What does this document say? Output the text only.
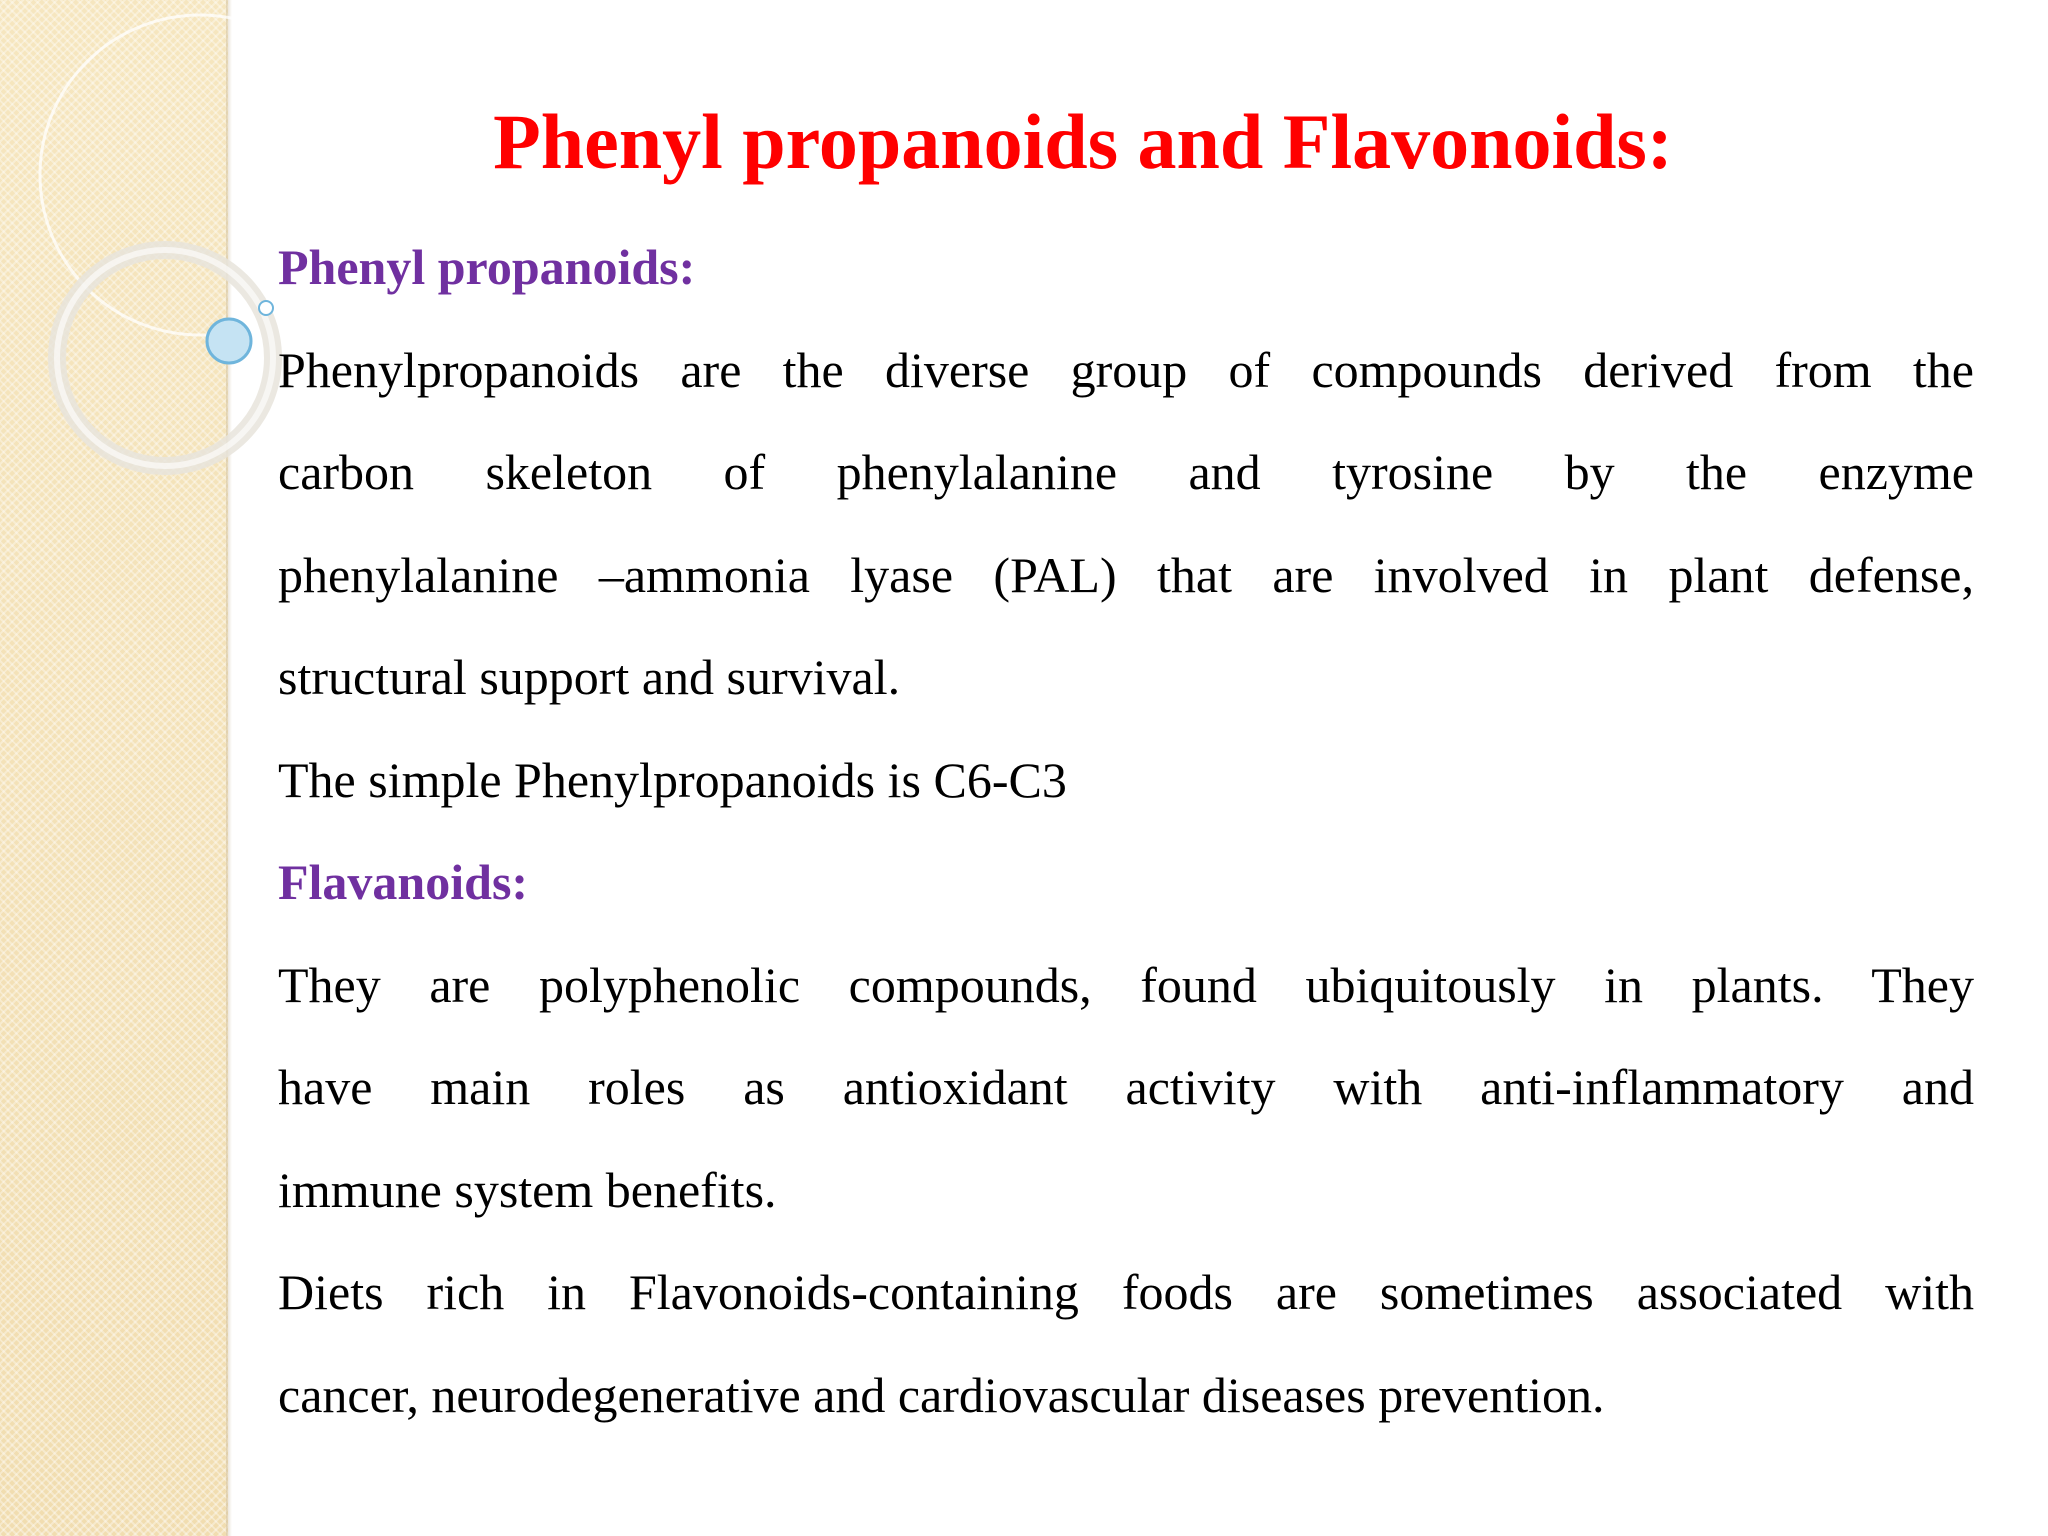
Phenyl propanoids and Flavonoids:
Phenyl propanoids:
Phenylpropanoids are the diverse group of compounds derived from the
carbon skeleton of phenylalanine and tyrosine by the enzyme
phenylalanine –ammonia lyase (PAL) that are involved in plant defense,
structural support and survival.
The simple Phenylpropanoids is C6-C3
Flavanoids:
They are polyphenolic compounds, found ubiquitously in plants. They
have main roles as antioxidant activity with anti-inflammatory and
immune system benefits.
Diets rich in Flavonoids-containing foods are sometimes associated with
cancer, neurodegenerative and cardiovascular diseases prevention.
